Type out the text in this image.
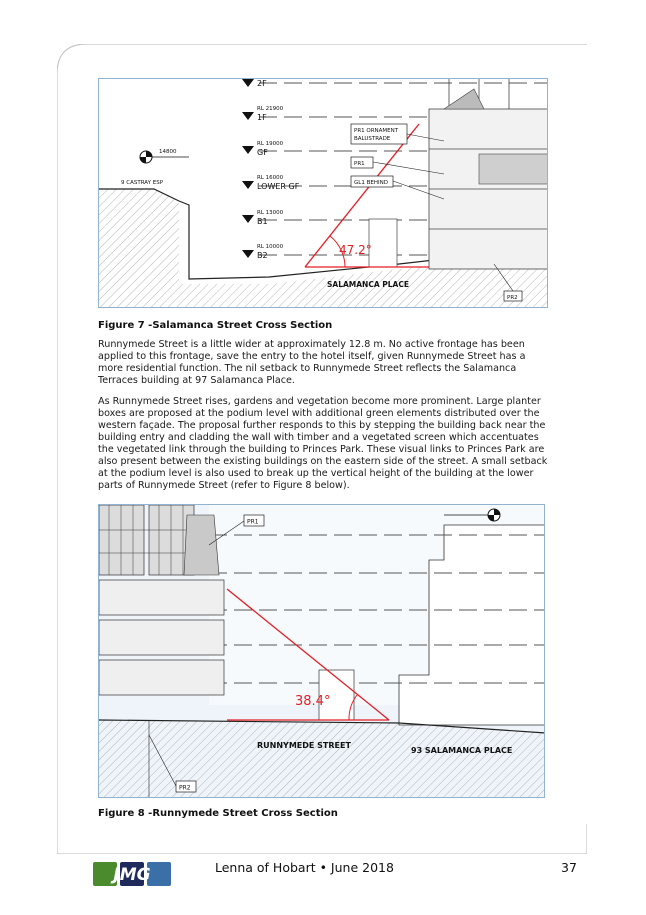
2F
RL 21900
1F
RL 19000
GF
RL 16000
LOWER GF
RL 13000
B1
RL 10000
B2
14800
9 CASTRAY ESP
PR1 ORNAMENT
BALUSTRADE
PR1
GL1 BEHIND
47.2°
SALAMANCA PLACE
PR2
Figure 7 -Salamanca Street Cross Section

Runnymede Street is a little wider at approximately 12.8 m. No active frontage has been applied to this frontage, save the entry to the hotel itself, given Runnymede Street has a more residential function. The nil setback to Runnymede Street reflects the Salamanca Terraces building at 97 Salamanca Place.

As Runnymede Street rises, gardens and vegetation become more prominent. Large planter boxes are proposed at the podium level with additional green elements distributed over the western façade. The proposal further responds to this by stepping the building back near the building entry and cladding the wall with timber and a vegetated screen which accentuates the vegetated link through the building to Princes Park. These visual links to Princes Park are also present between the existing buildings on the eastern side of the street. A small setback at the podium level is also used to break up the vertical height of the building at the lower parts of Runnymede Street (refer to Figure 8 below).

PR1
38.4°
RUNNYMEDE STREET
93 SALAMANCA PLACE
PR2
Figure 8 -Runnymede Street Cross Section
JMG	Lenna of Hobart • June 2018	37
